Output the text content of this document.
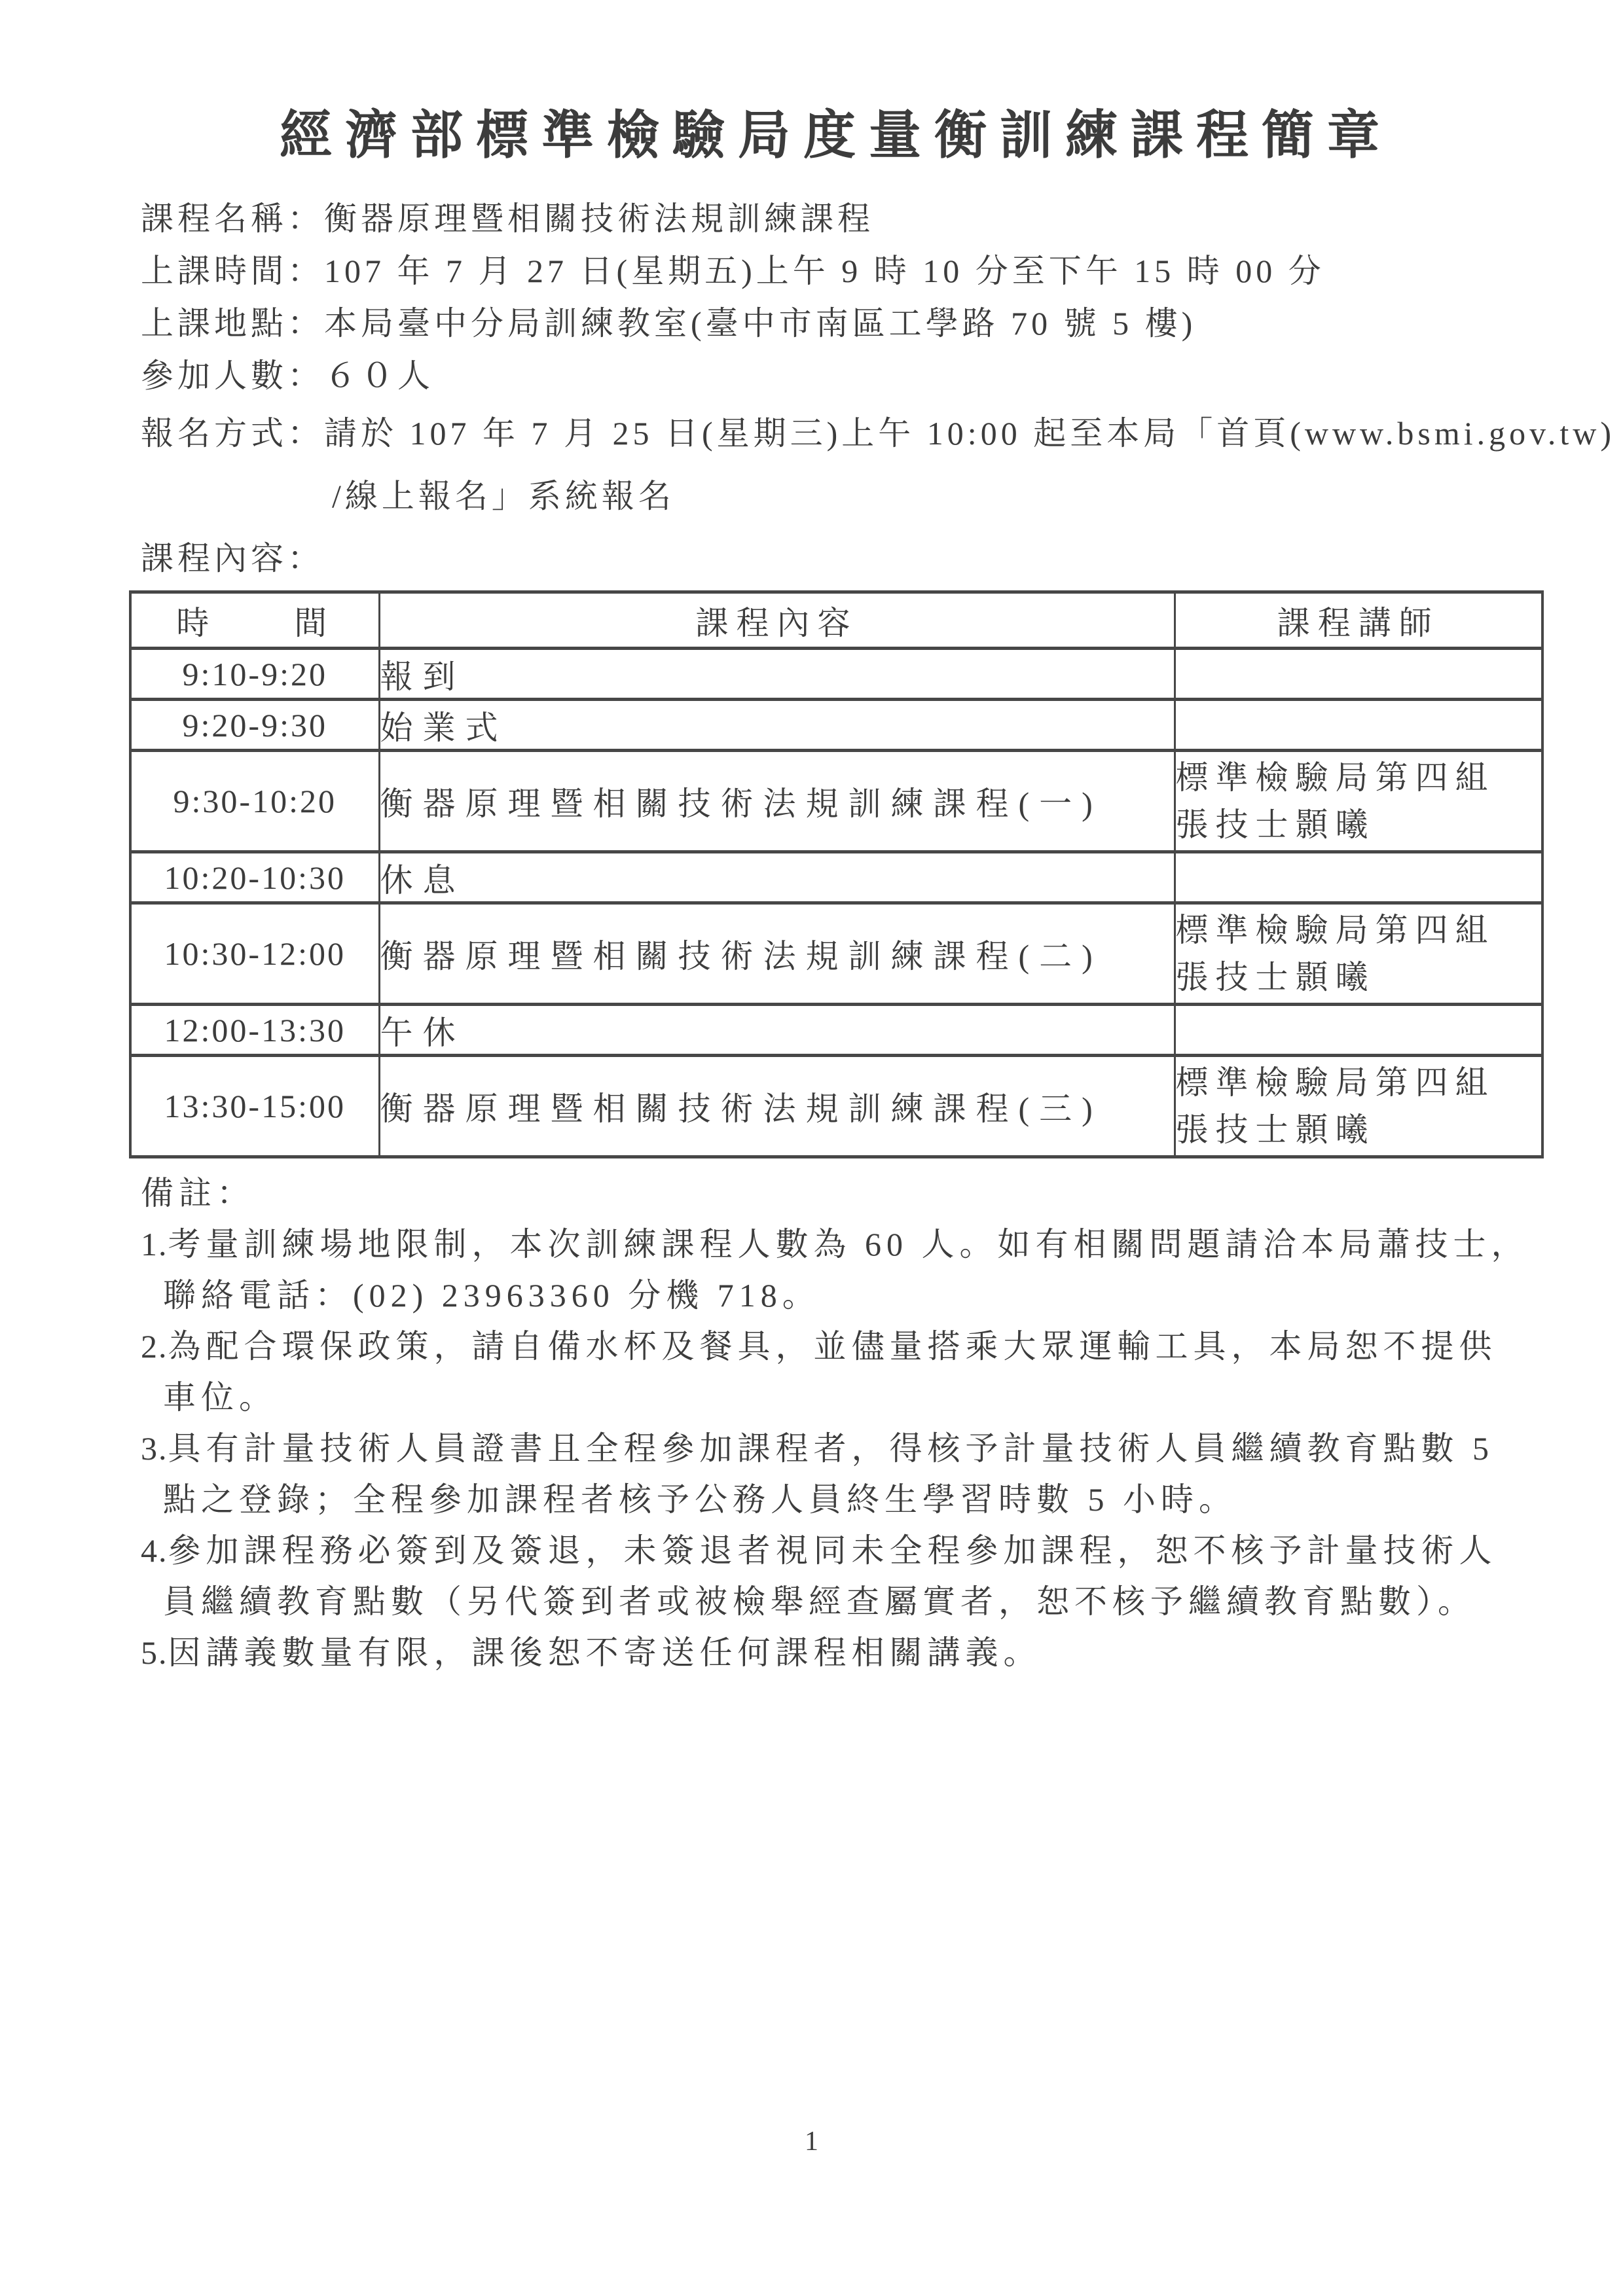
經濟部標準檢驗局度量衡訓練課程簡章
課程名稱：衡器原理暨相關技術法規訓練課程
上課時間：107 年 7 月 27 日(星期五)上午 9 時 10 分至下午 15 時 00 分
上課地點：本局臺中分局訓練教室(臺中市南區工學路 70 號 5 樓)
參加人數：６０人
報名方式：請於 107 年 7 月 25 日(星期三)上午 10:00 起至本局「首頁(www.bsmi.gov.tw)
/線上報名」系統報名
課程內容：
時　　間	課程內容	課程講師
9:10-9:20	報到	
9:20-9:30	始業式	
9:30-10:20	衡器原理暨相關技術法規訓練課程(一)	標準檢驗局第四組
張技士顥曦

10:20-10:30	休息	
10:30-12:00	衡器原理暨相關技術法規訓練課程(二)	標準檢驗局第四組
張技士顥曦

12:00-13:30	午休	
13:30-15:00	衡器原理暨相關技術法規訓練課程(三)	標準檢驗局第四組
張技士顥曦
備註：
1.考量訓練場地限制，本次訓練課程人數為 60 人。如有相關問題請洽本局蕭技士，
聯絡電話：(02) 23963360 分機 718。
2.為配合環保政策，請自備水杯及餐具，並儘量搭乘大眾運輸工具，本局恕不提供
車位。
3.具有計量技術人員證書且全程參加課程者，得核予計量技術人員繼續教育點數 5
點之登錄；全程參加課程者核予公務人員終生學習時數 5 小時。
4.參加課程務必簽到及簽退，未簽退者視同未全程參加課程，恕不核予計量技術人
員繼續教育點數（另代簽到者或被檢舉經查屬實者，恕不核予繼續教育點數）。
5.因講義數量有限，課後恕不寄送任何課程相關講義。
1
